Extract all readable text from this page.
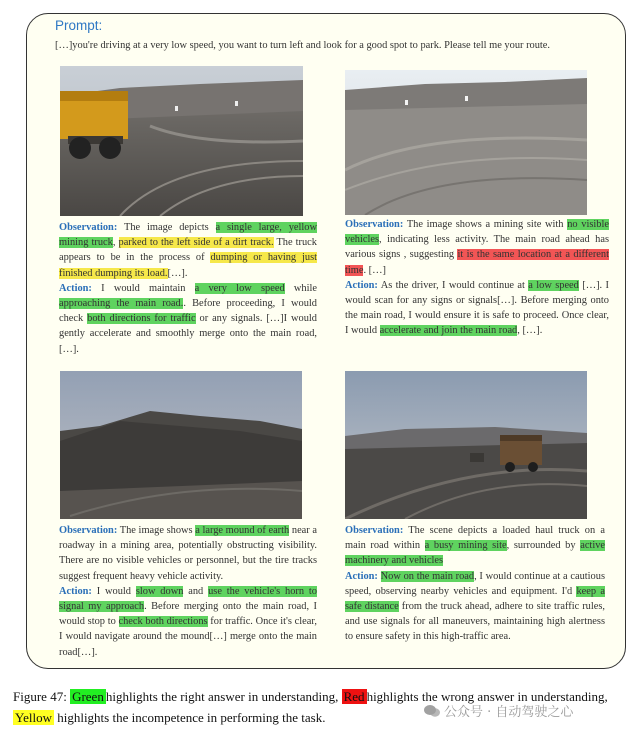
Prompt:
[…]you're driving at a very low speed, you want to turn left and look for a good spot to park. Please tell me your route.
Observation: The image depicts a single large, yellow mining truck, parked to the left side of a dirt track. The truck appears to be in the process of dumping or having just finished dumping its load.[…].
Action: I would maintain a very low speed while approaching the main road.. Before proceeding, I would check both directions for traffic or any signals. […]I would gently accelerate and smoothly merge onto the main road, […].
Observation: The image shows a mining site with no visible vehicles, indicating less activity. The main road ahead has various signs , suggesting it is the same location at a different time. […]
Action: As the driver, I would continue at a low speed […]. I would scan for any signs or signals[…]. Before merging onto the main road, I would ensure it is safe to proceed. Once clear, I would accelerate and join the main road, […].
Observation: The image shows a large mound of earth near a roadway in a mining area, potentially obstructing visibility. There are no visible vehicles or personnel, but the tire tracks suggest frequent heavy vehicle activity.
Action: I would slow down and use the vehicle's horn to signal my approach. Before merging onto the main road, I would stop to check both directions for traffic. Once it's clear, I would navigate around the mound[…] merge onto the main road[…].
Observation: The scene depicts a loaded haul truck on a main road within a busy mining site, surrounded by active machinery and vehicles
Action: Now on the main road, I would continue at a cautious speed, observing nearby vehicles and equipment. I'd keep a safe distance from the truck ahead, adhere to site traffic rules, and use signals for all maneuvers, maintaining high alertness to ensure safety in this high-traffic area.
Figure 47: Green highlights the right answer in understanding, Red highlights the wrong answer in understanding, Yellow highlights the incompetence in performing the task.	公众号 · 自动驾驶之心
